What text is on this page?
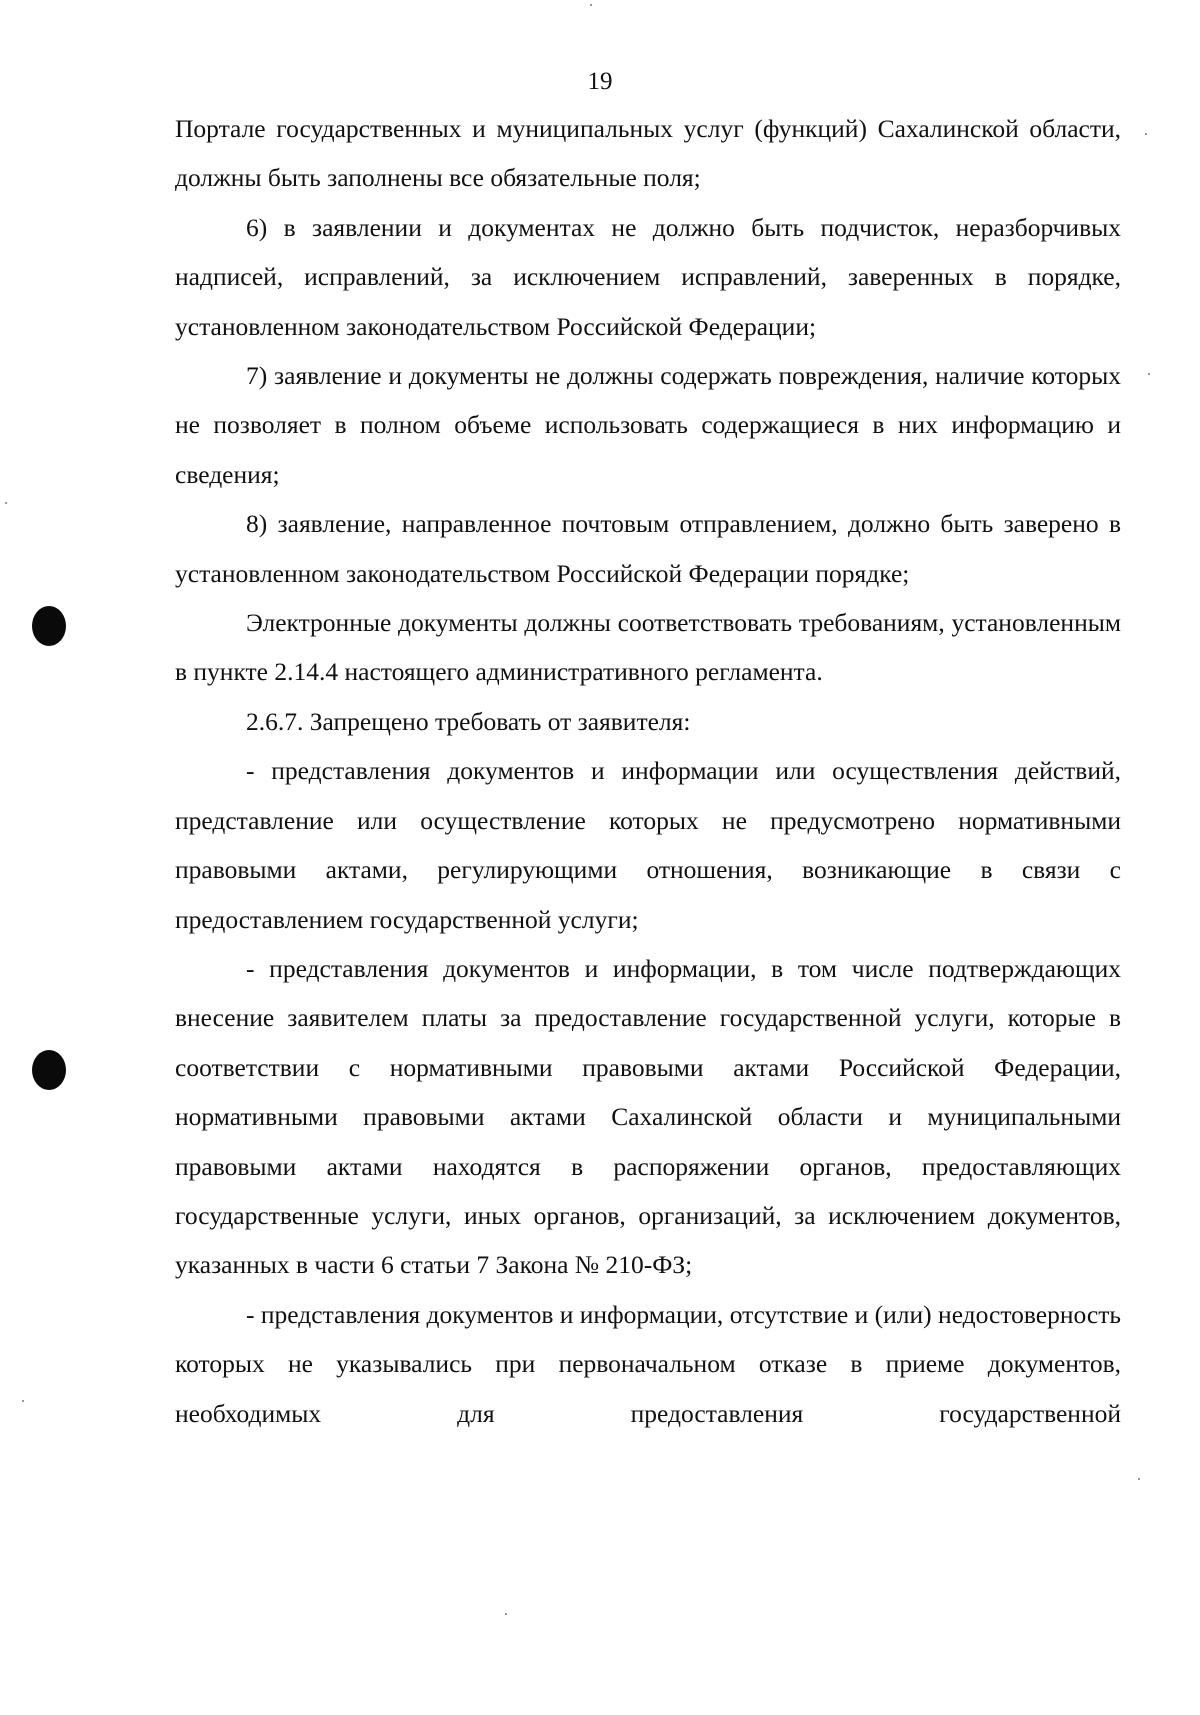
19

Портале государственных и муниципальных услуг (функций) Сахалинской области, должны быть заполнены все обязательные поля;

6) в заявлении и документах не должно быть подчисток, неразборчивых надписей, исправлений, за исключением исправлений, заверенных в порядке, установленном законодательством Российской Федерации;

7) заявление и документы не должны содержать повреждения, наличие которых не позволяет в полном объеме использовать содержащиеся в них информацию и сведения;

8) заявление, направленное почтовым отправлением, должно быть заверено в установленном законодательством Российской Федерации порядке;

Электронные документы должны соответствовать требованиям, установленным в пункте 2.14.4 настоящего административного регламента.

2.6.7. Запрещено требовать от заявителя:

- представления документов и информации или осуществления действий, представление или осуществление которых не предусмотрено нормативными правовыми актами, регулирующими отношения, возникающие в связи с предоставлением государственной услуги;

- представления документов и информации, в том числе подтверждающих внесение заявителем платы за предоставление государственной услуги, которые в соответствии с нормативными правовыми актами Российской Федерации, нормативными правовыми актами Сахалинской области и муниципальными правовыми актами находятся в распоряжении органов, предоставляющих государственные услуги, иных органов, организаций, за исключением документов, указанных в части 6 статьи 7 Закона № 210-ФЗ;

- представления документов и информации, отсутствие и (или) недостоверность которых не указывались при первоначальном отказе в приеме документов, необходимых для предоставления государственной
